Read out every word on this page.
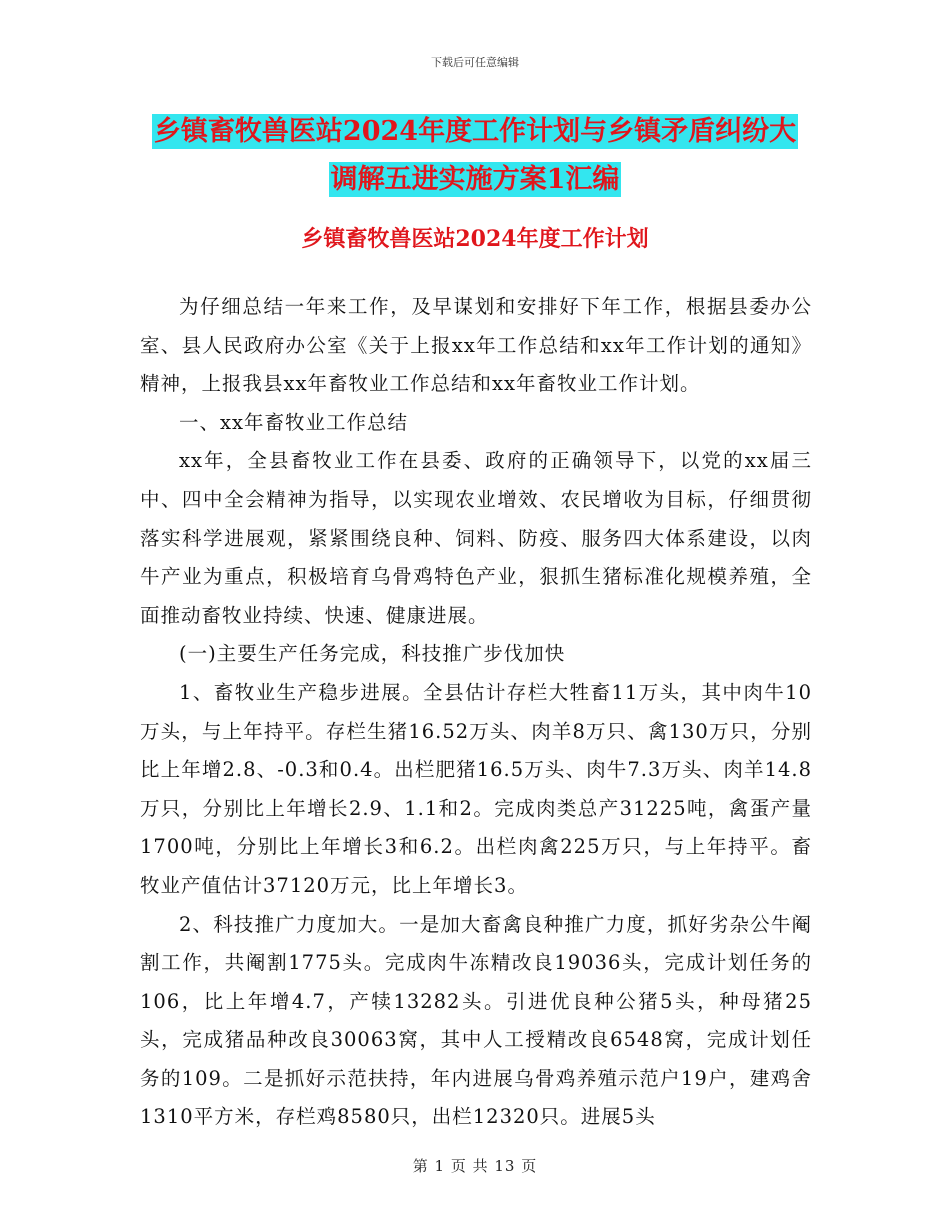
下载后可任意编辑
乡镇畜牧兽医站2024年度工作计划与乡镇矛盾纠纷大
调解五进实施方案1汇编
乡镇畜牧兽医站2024年度工作计划

为仔细总结一年来工作，及早谋划和安排好下年工作，根据县委办公室、县人民政府办公室《关于上报xx年工作总结和xx年工作计划的通知》精神，上报我县xx年畜牧业工作总结和xx年畜牧业工作计划。

一、xx年畜牧业工作总结

xx年，全县畜牧业工作在县委、政府的正确领导下，以党的xx届三中、四中全会精神为指导，以实现农业增效、农民增收为目标，仔细贯彻落实科学进展观，紧紧围绕良种、饲料、防疫、服务四大体系建设，以肉牛产业为重点，积极培育乌骨鸡特色产业，狠抓生猪标准化规模养殖，全面推动畜牧业持续、快速、健康进展。

(一)主要生产任务完成，科技推广步伐加快

1、畜牧业生产稳步进展。全县估计存栏大牲畜11万头，其中肉牛10万头，与上年持平。存栏生猪16.52万头、肉羊8万只、禽130万只，分别比上年增2.8、-0.3和0.4。出栏肥猪16.5万头、肉牛7.3万头、肉羊14.8万只，分别比上年增长2.9、1.1和2。完成肉类总产31225吨，禽蛋产量1700吨，分别比上年增长3和6.2。出栏肉禽225万只，与上年持平。畜牧业产值估计37120万元，比上年增长3。

2、科技推广力度加大。一是加大畜禽良种推广力度，抓好劣杂公牛阉割工作，共阉割1775头。完成肉牛冻精改良19036头，完成计划任务的106，比上年增4.7，产犊13282头。引进优良种公猪5头，种母猪25头，完成猪品种改良30063窝，其中人工授精改良6548窝，完成计划任务的109。二是抓好示范扶持，年内进展乌骨鸡养殖示范户19户，建鸡舍1310平方米，存栏鸡8580只，出栏12320只。进展5头

第 1 页 共 13 页
